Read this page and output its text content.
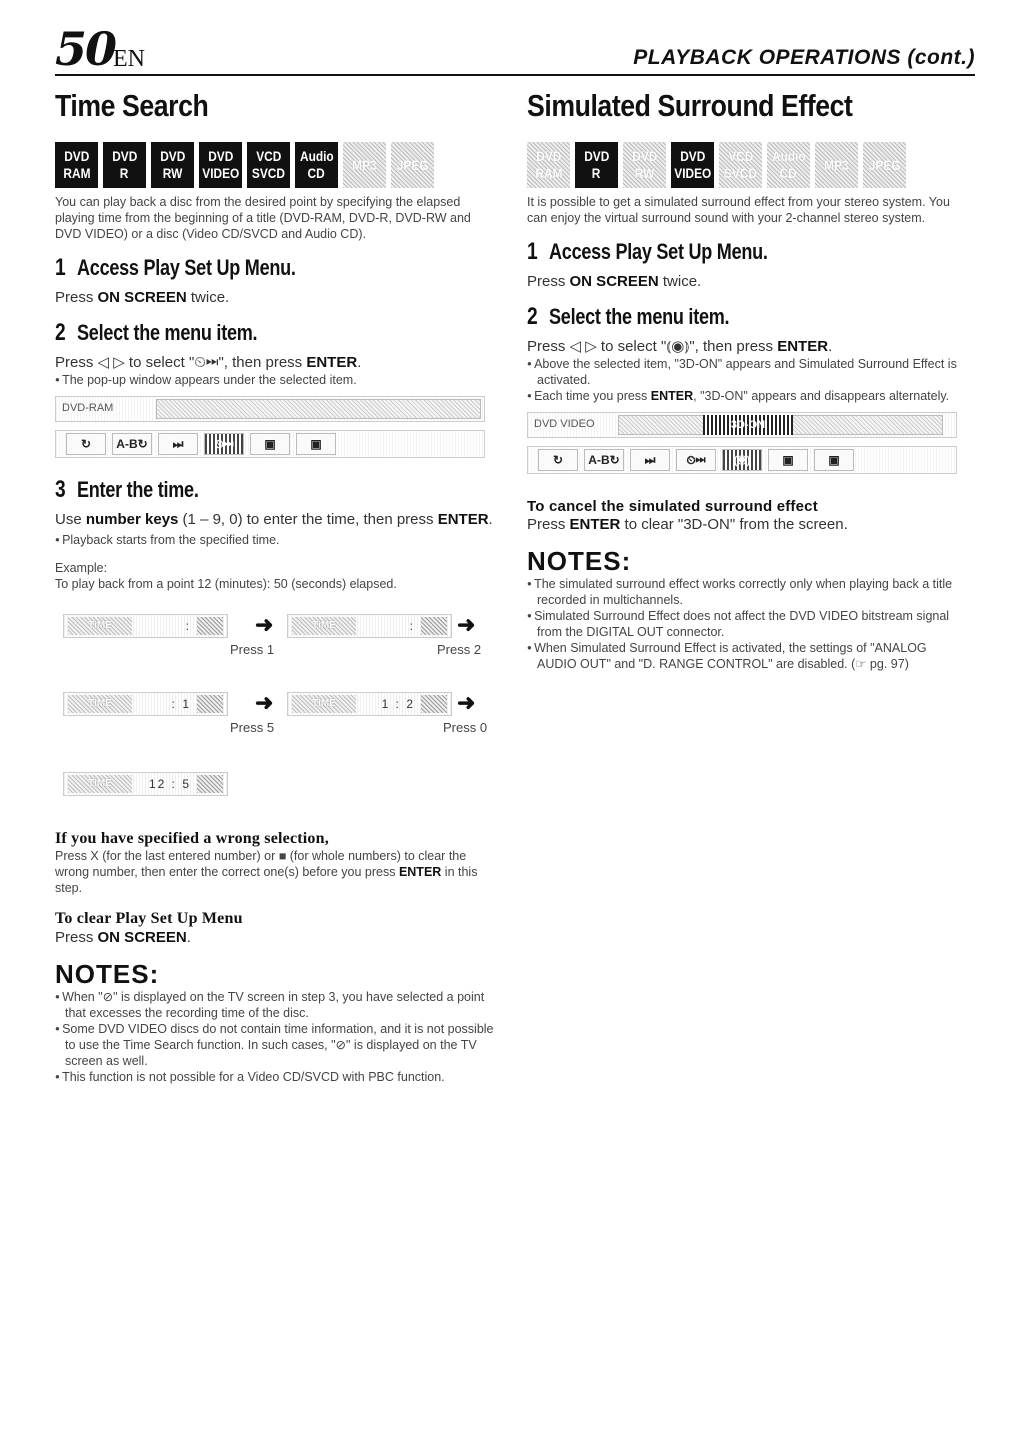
50
EN	PLAYBACK OPERATIONS (cont.)
Time Search
DVD
RAM
DVD
R
DVD
RW
DVD
VIDEO
VCD
SVCD
Audio
CD
MP3 JPEG

You can play back a disc from the desired point by specifying the elapsed playing time from the beginning of a title (DVD-RAM, DVD-R, DVD-RW and DVD VIDEO) or a disc (Video CD/SVCD and Audio CD).

1 Access Play Set Up Menu.

Press ON SCREEN twice.

2 Select the menu item.

Press ◁ ▷ to select "⏲⏭", then press ENTER.

● The pop-up window appears under the selected item.

DVD-RAM
↻	A-B↻	⏭	⏲⏭	▣	▣
3 Enter the time.

Use number keys (1 – 9, 0) to enter the time, then press ENTER.

● Playback starts from the specified time.

Example:

To play back from a point 12 (minutes): 50 (seconds) elapsed.

TIME	:	➜	TIME	: ➜
Press 1	Press 2
TIME	: 1	➜	TIME	1 : 2 ➜
Press 5	Press 0
TIME	12 : 5
If you have specified a wrong selection,

Press X (for the last entered number) or ■ (for whole numbers) to clear the wrong number, then enter the correct one(s) before you press ENTER in this step.

To clear Play Set Up Menu

Press ON SCREEN.

NOTES:

● When "⊘" is displayed on the TV screen in step 3, you have selected a point that excesses the recording time of the disc.

● Some DVD VIDEO discs do not contain time information, and it is not possible to use the Time Search function. In such cases, "⊘" is displayed on the TV screen as well.

● This function is not possible for a Video CD/SVCD with PBC function.

Simulated Surround Effect
DVD
RAM
DVD
R
DVD
RW
DVD
VIDEO
VCD
SVCD
Audio
CD
MP3 JPEG

It is possible to get a simulated surround effect from your stereo system. You can enjoy the virtual surround sound with your 2-channel stereo system.

1 Access Play Set Up Menu.

Press ON SCREEN twice.

2 Select the menu item.

Press ◁ ▷ to select "⦅◉⦆", then press ENTER.

● Above the selected item, "3D-ON" appears and Simulated Surround Effect is activated.

● Each time you press ENTER, "3D-ON" appears and disappears alternately.

DVD VIDEO	3D-ON
↻	A-B↻	⏭	⏲⏭	⦅◉⦆	▣	▣
To cancel the simulated surround effect

Press ENTER to clear "3D-ON" from the screen.

NOTES:

● The simulated surround effect works correctly only when playing back a title recorded in multichannels.

● Simulated Surround Effect does not affect the DVD VIDEO bitstream signal from the DIGITAL OUT connector.

● When Simulated Surround Effect is activated, the settings of "ANALOG AUDIO OUT" and "D. RANGE CONTROL" are disabled. (☞ pg. 97)
